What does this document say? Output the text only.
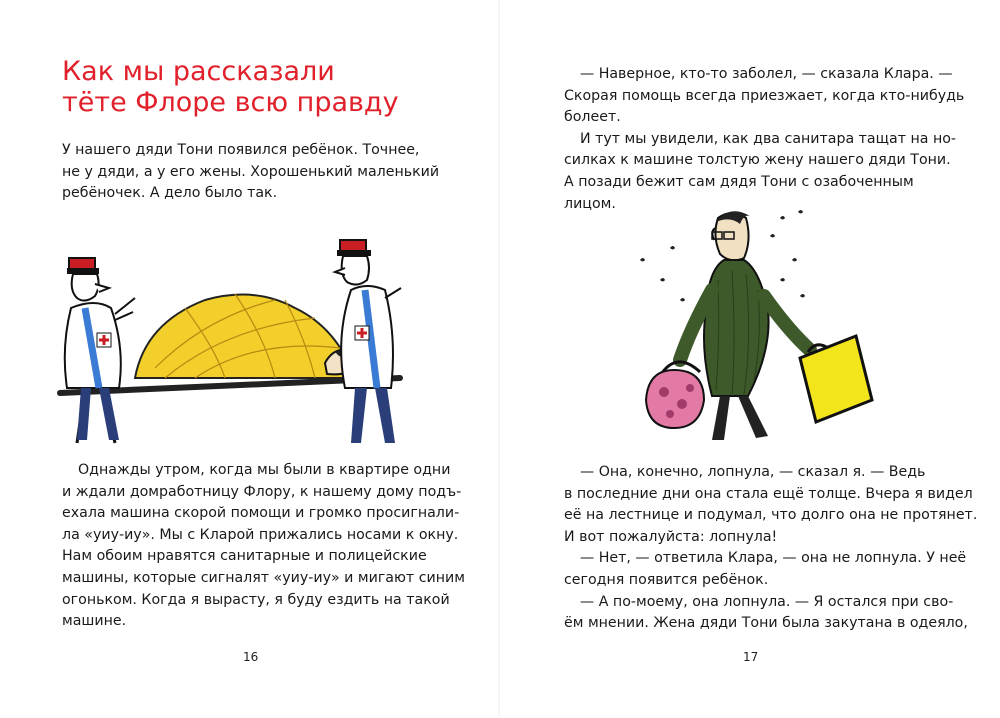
Как мы рассказали
тёте Флоре всю правду
У нашего дяди Тони появился ребёнок. Точнее,
не у дяди, а у его жены. Хорошенький маленький
ребёночек. А дело было так.
Однажды утром, когда мы были в квартире одни
и ждали домработницу Флору, к нашему дому подъ-
ехала машина скорой помощи и громко просигнали-
ла «уиу-иу». Мы с Кларой прижались носами к окну.
Нам обоим нравятся санитарные и полицейские
машины, которые сигналят «уиу-иу» и мигают синим
огоньком. Когда я вырасту, я буду ездить на такой
машине.
16
— Наверное, кто-то заболел, — сказала Клара. —
Скорая помощь всегда приезжает, когда кто-нибудь
болеет.
И тут мы увидели, как два санитара тащат на но-
силках к машине толстую жену нашего дяди Тони.
А позади бежит сам дядя Тони с озабоченным
лицом.
— Она, конечно, лопнула, — сказал я. — Ведь
в последние дни она стала ещё толще. Вчера я видел
её на лестнице и подумал, что долго она не протянет.
И вот пожалуйста: лопнула!
— Нет, — ответила Клара, — она не лопнула. У неё
сегодня появится ребёнок.
— А по-моему, она лопнула. — Я остался при сво-
ём мнении. Жена дяди Тони была закутана в одеяло,
17
